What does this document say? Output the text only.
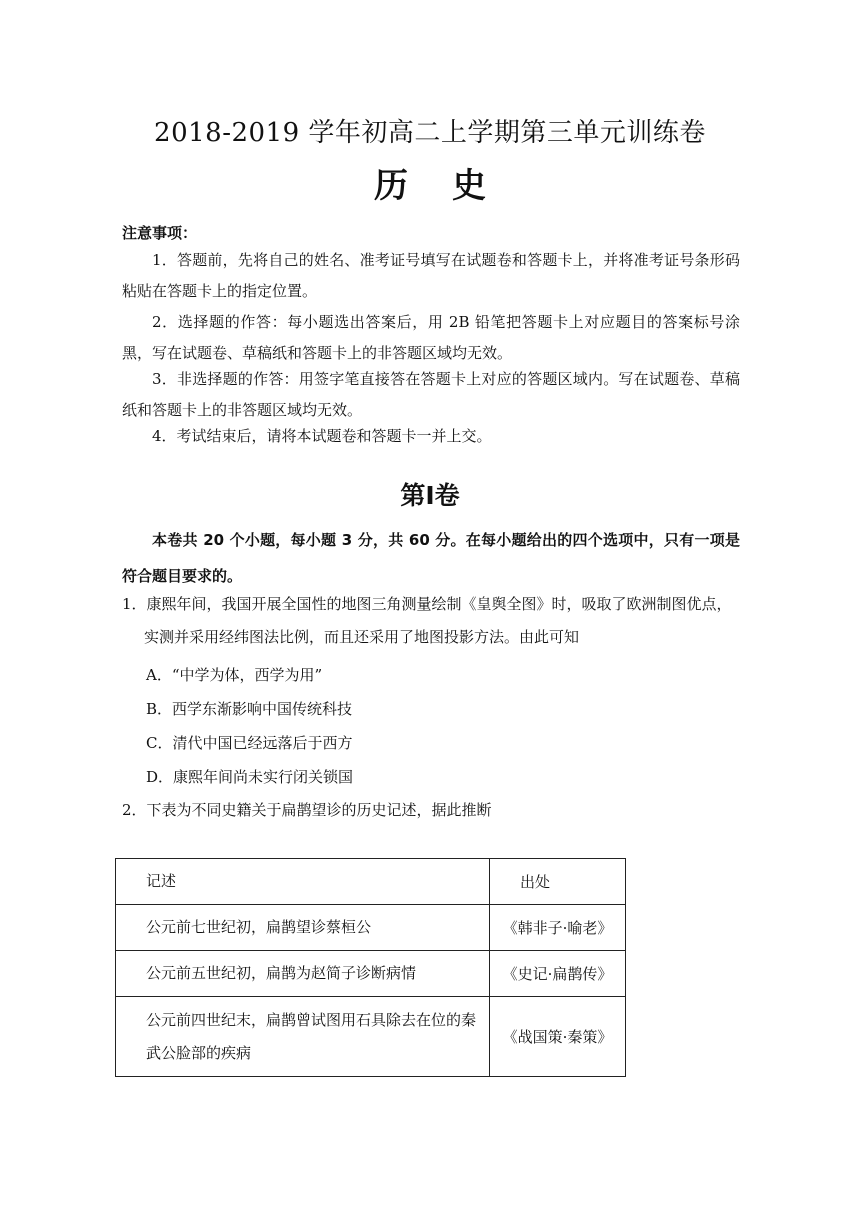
2018-2019 学年初高二上学期第三单元训练卷
历史
注意事项：
1．答题前，先将自己的姓名、准考证号填写在试题卷和答题卡上，并将准考证号条形码粘贴在答题卡上的指定位置。
2．选择题的作答：每小题选出答案后，用 2B 铅笔把答题卡上对应题目的答案标号涂黑，写在试题卷、草稿纸和答题卡上的非答题区域均无效。
3．非选择题的作答：用签字笔直接答在答题卡上对应的答题区域内。写在试题卷、草稿纸和答题卡上的非答题区域均无效。
4．考试结束后，请将本试题卷和答题卡一并上交。
第Ⅰ卷
本卷共 20 个小题，每小题 3 分，共 60 分。在每小题给出的四个选项中，只有一项是符合题目要求的。
1．康熙年间，我国开展全国性的地图三角测量绘制《皇舆全图》时，吸取了欧洲制图优点，实测并采用经纬图法比例，而且还采用了地图投影方法。由此可知
A．“中学为体，西学为用”
B．西学东渐影响中国传统科技
C．清代中国已经远落后于西方
D．康熙年间尚未实行闭关锁国
2．下表为不同史籍关于扁鹊望诊的历史记述，据此推断
记述	出处
公元前七世纪初，扁鹊望诊蔡桓公	《韩非子·喻老》
公元前五世纪初，扁鹊为赵简子诊断病情	《史记·扁鹊传》
公元前四世纪末，扁鹊曾试图用石具除去在位的秦武公脸部的疾病	《战国策·秦策》
